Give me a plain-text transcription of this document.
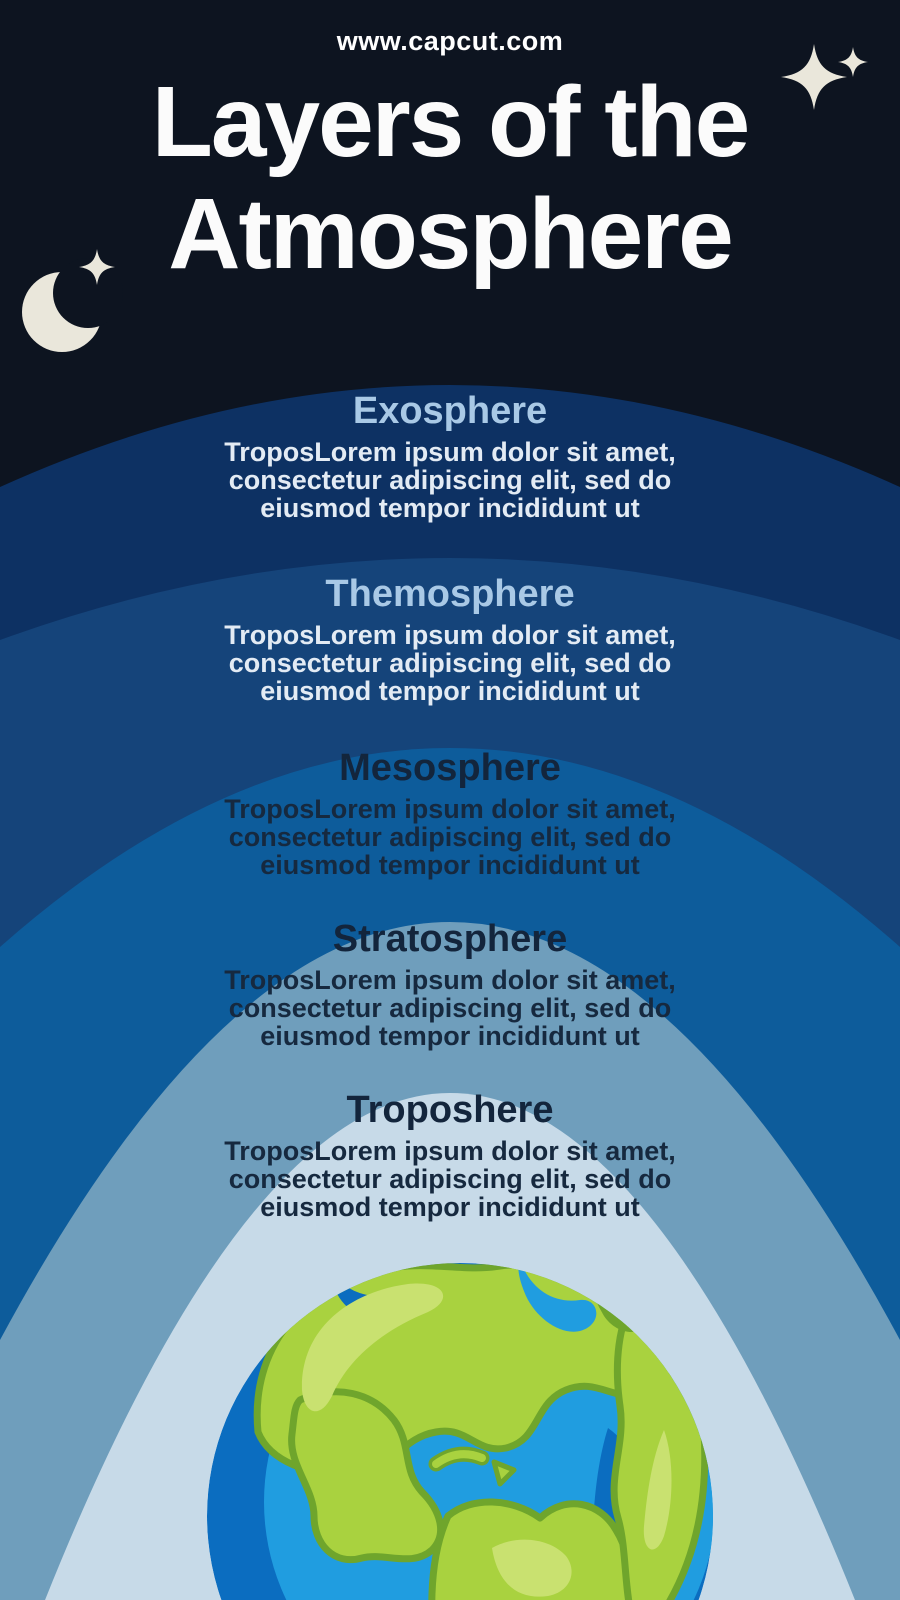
www.capcut.com
Layers of the
Atmosphere
Exosphere
TroposLorem ipsum dolor sit amet, consectetur adipiscing elit, sed do eiusmod tempor incididunt ut
Themosphere
TroposLorem ipsum dolor sit amet, consectetur adipiscing elit, sed do eiusmod tempor incididunt ut
Mesosphere
TroposLorem ipsum dolor sit amet, consectetur adipiscing elit, sed do eiusmod tempor incididunt ut
Stratosphere
TroposLorem ipsum dolor sit amet, consectetur adipiscing elit, sed do eiusmod tempor incididunt ut
Troposhere
TroposLorem ipsum dolor sit amet, consectetur adipiscing elit, sed do eiusmod tempor incididunt ut
